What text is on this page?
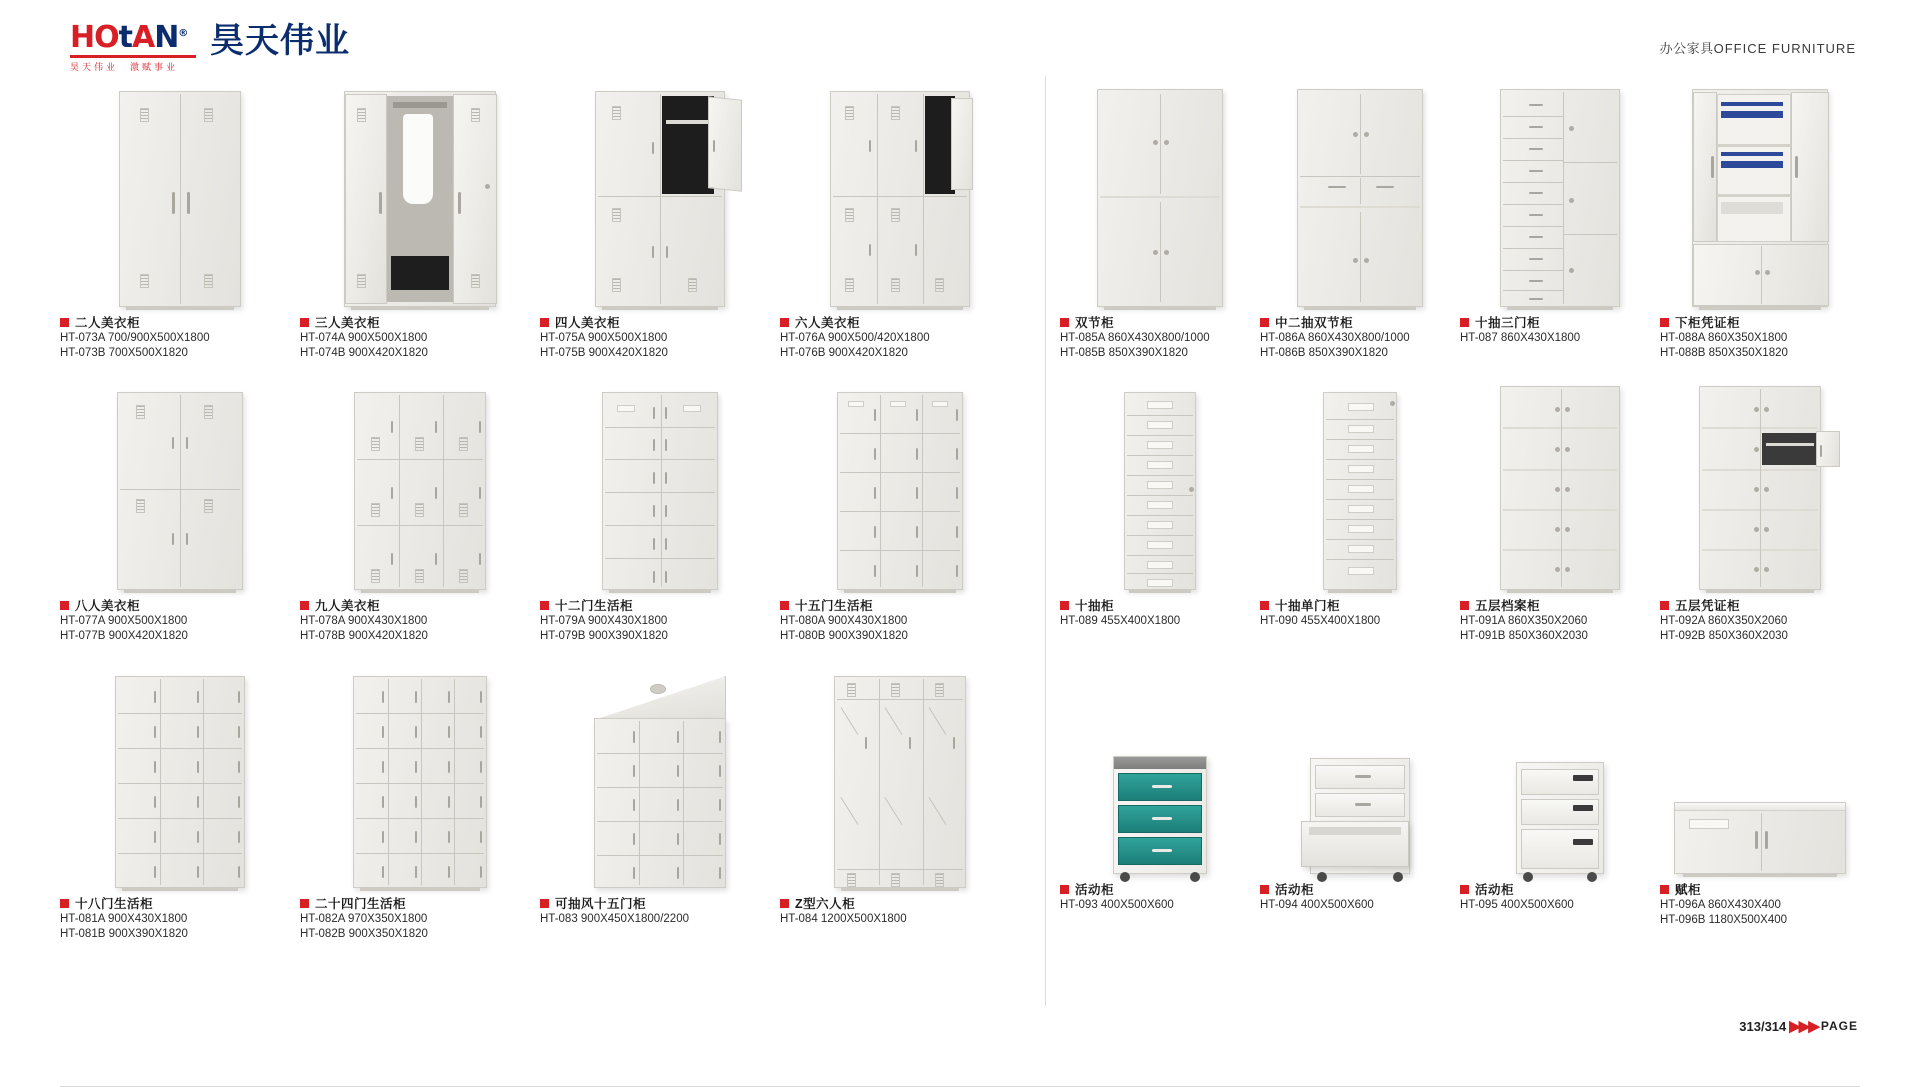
HOtAN®
昊天伟业　激赋事业
昊天伟业	办公家具OFFICE FURNITURE
二人美衣柜
HT-073A 700/900X500X1800
HT-073B 700X500X1820
三人美衣柜
HT-074A 900X500X1800
HT-074B 900X420X1820
四人美衣柜
HT-075A 900X500X1800
HT-075B 900X420X1820
六人美衣柜
HT-076A 900X500/420X1800
HT-076B 900X420X1820
八人美衣柜
HT-077A 900X500X1800
HT-077B 900X420X1820
九人美衣柜
HT-078A 900X430X1800
HT-078B 900X420X1820
十二门生活柜
HT-079A 900X430X1800
HT-079B 900X390X1820
十五门生活柜
HT-080A 900X430X1800
HT-080B 900X390X1820
十八门生活柜
HT-081A 900X430X1800
HT-081B 900X390X1820
二十四门生活柜
HT-082A 970X350X1800
HT-082B 900X350X1820
可抽风十五门柜
HT-083 900X450X1800/2200
Z型六人柜
HT-084 1200X500X1800
双节柜
HT-085A 860X430X800/1000
HT-085B 850X390X1820
中二抽双节柜
HT-086A 860X430X800/1000
HT-086B 850X390X1820
十抽三门柜
HT-087 860X430X1800
下柜凭证柜
HT-088A 860X350X1800
HT-088B 850X350X1820
十抽柜
HT-089 455X400X1800
十抽单门柜
HT-090 455X400X1800
五层档案柜
HT-091A 860X350X2060
HT-091B 850X360X2030
五层凭证柜
HT-092A 860X350X2060
HT-092B 850X360X2030
活动柜
HT-093 400X500X600
活动柜
HT-094 400X500X600
活动柜
HT-095 400X500X600
赋柜
HT-096A 860X430X400
HT-096B 1180X500X400
313/314 ▶▶▶ PAGE
